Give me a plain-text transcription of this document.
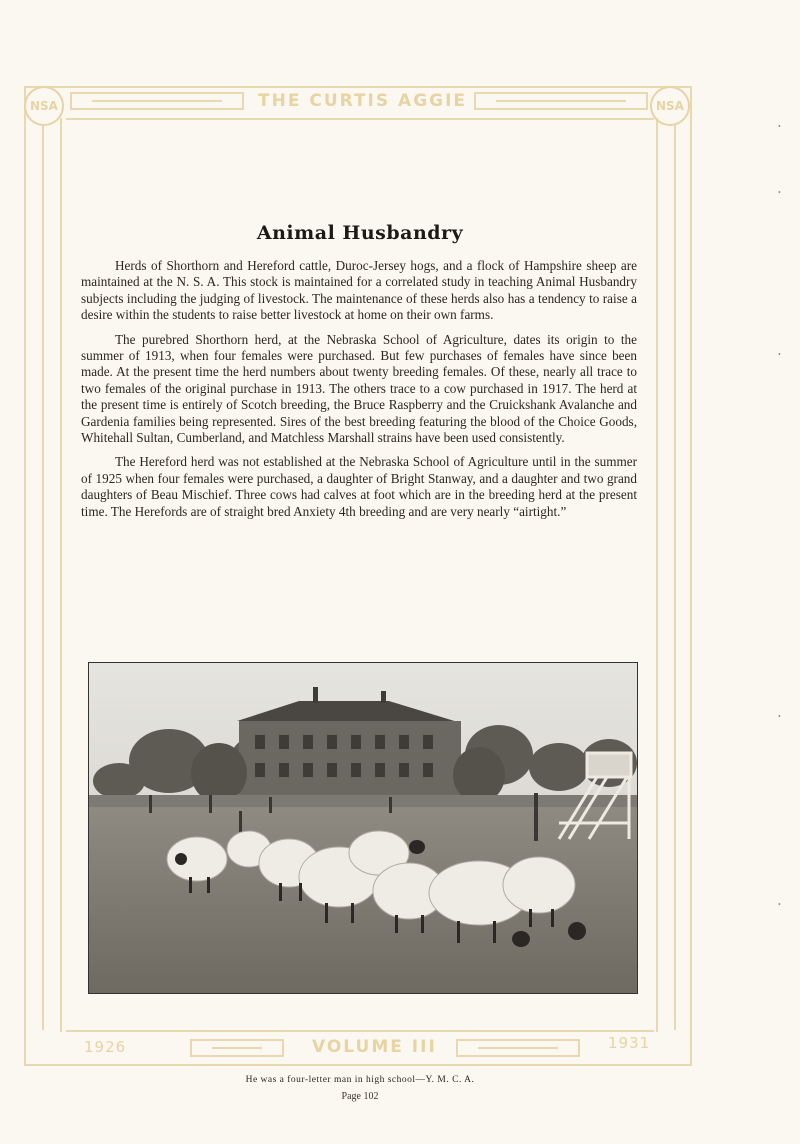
NSA	NSA
THE CURTIS AGGIE
1926	VOLUME III	1931
Animal Husbandry

Herds of Shorthorn and Hereford cattle, Duroc-Jersey hogs, and a flock of Hampshire sheep are maintained at the N. S. A. This stock is maintained for a correlated study in teaching Animal Husbandry subjects including the judging of livestock. The maintenance of these herds also has a tendency to raise a desire within the students to raise better livestock at home on their own farms.

The purebred Shorthorn herd, at the Nebraska School of Agriculture, dates its origin to the summer of 1913, when four females were purchased. But few purchases of females have since been made. At the present time the herd numbers about twenty breeding females. Of these, nearly all trace to two females of the original purchase in 1913. The others trace to a cow purchased in 1917. The herd at the present time is entirely of Scotch breeding, the Bruce Raspberry and the Cruickshank Avalanche and Gardenia families being represented. Sires of the best breeding featuring the blood of the Choice Goods, Whitehall Sultan, Cumberland, and Matchless Marshall strains have been used consistently.

The Hereford herd was not established at the Nebraska School of Agriculture until in the summer of 1925 when four females were purchased, a daughter of Bright Stanway, and a daughter and two grand daughters of Beau Mischief. Three cows had calves at foot which are in the breeding herd at the present time. The Herefords are of straight bred Anxiety 4th breeding and are very nearly “airtight.”

He was a four-letter man in high school—Y. M. C. A.
Page 102
•
•
•
•
•
